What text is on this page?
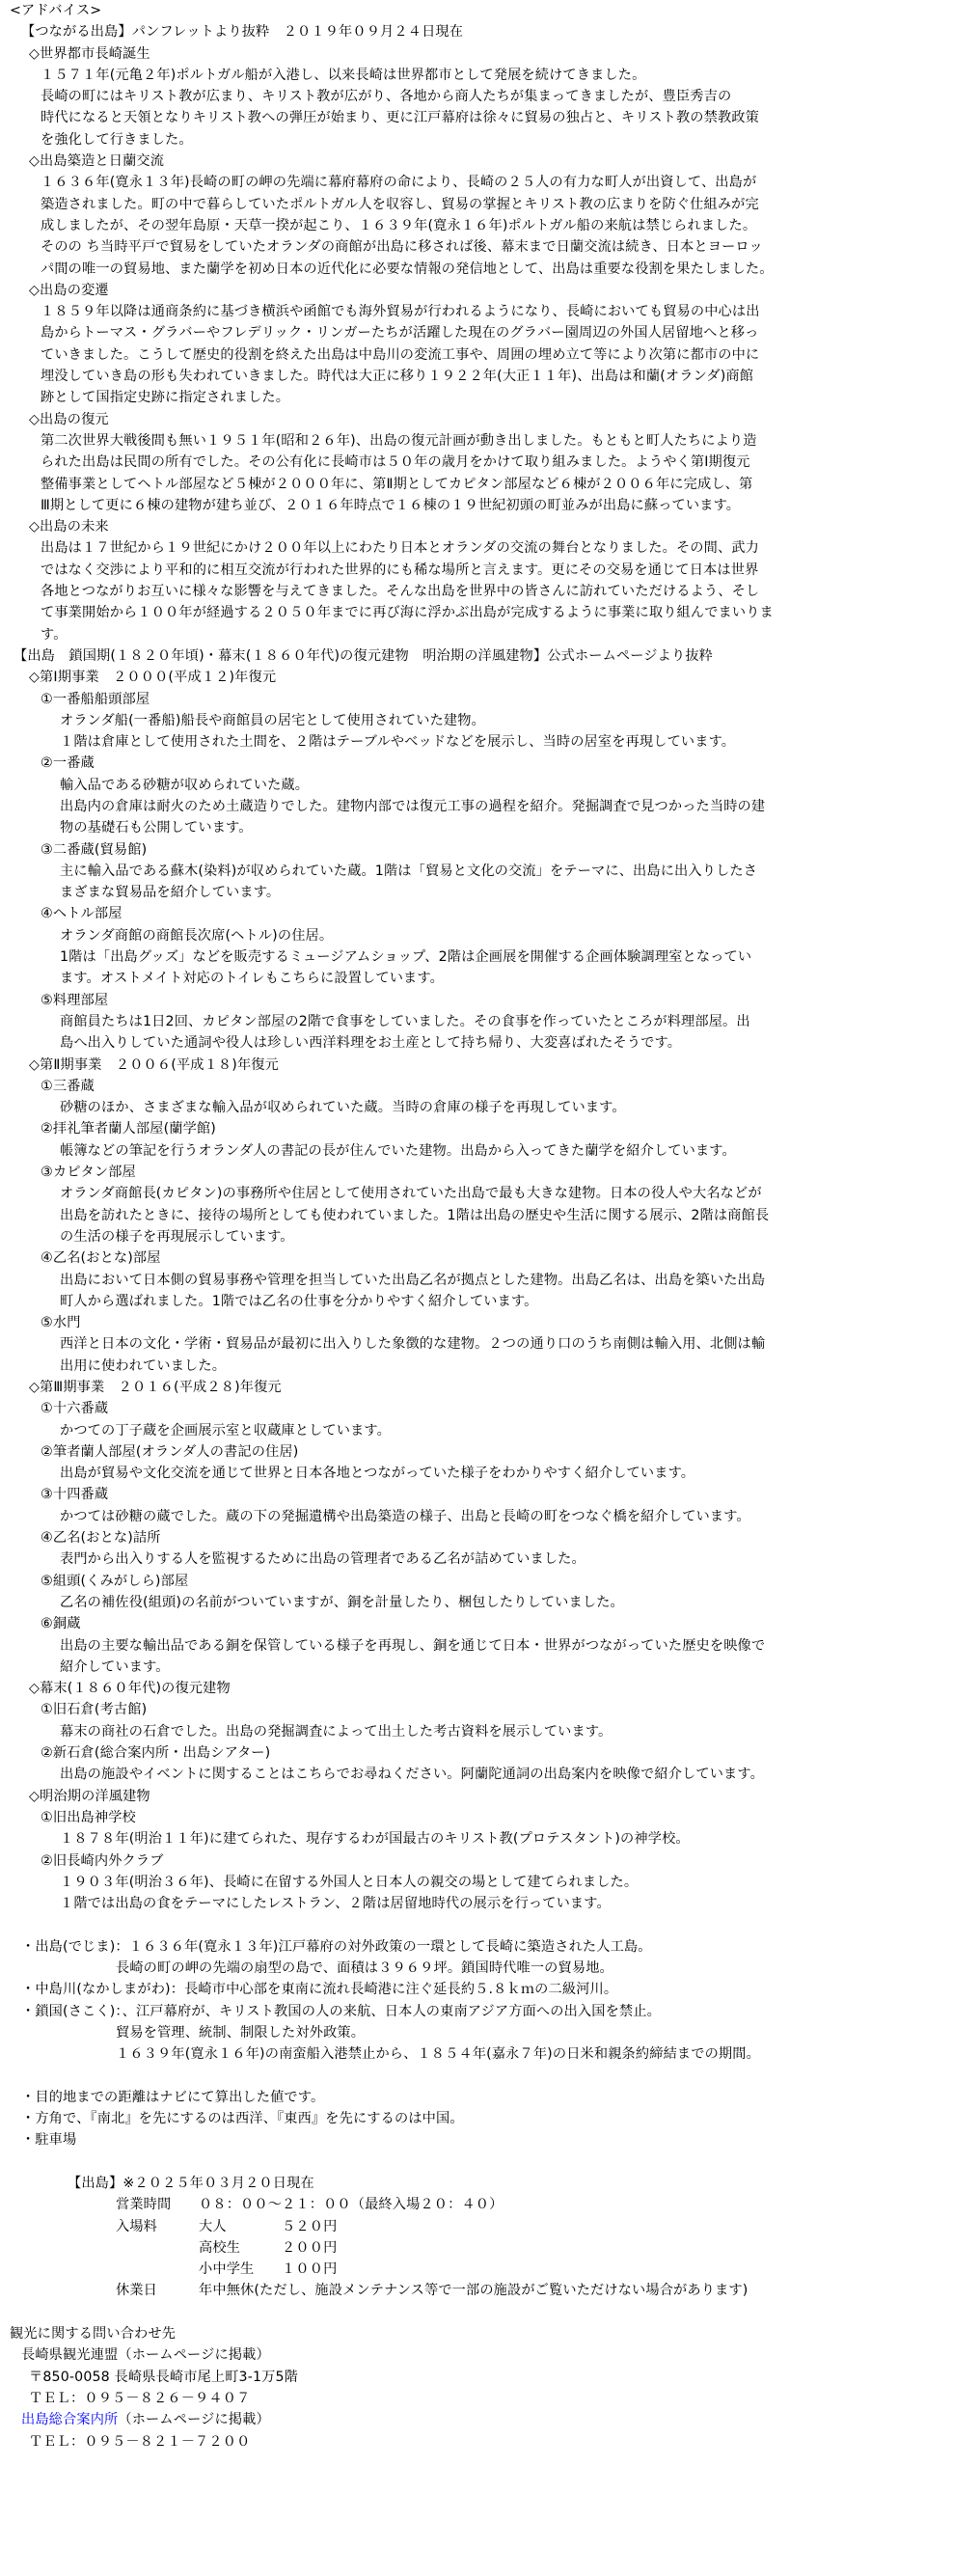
<アドバイス>
【つながる出島】パンフレットより抜粋　２０１９年０９月２４日現在
◇世界都市長崎誕生
１５７１年(元亀２年)ポルトガル船が入港し、以来長崎は世界都市として発展を続けてきました。
長崎の町にはキリスト教が広まり、キリスト教が広がり、各地から商人たちが集まってきましたが、豊臣秀吉の
時代になると天領となりキリスト教への弾圧が始まり、更に江戸幕府は徐々に貿易の独占と、キリスト教の禁教政策
を強化して行きました。
◇出島築造と日蘭交流
１６３６年(寛永１３年)長崎の町の岬の先端に幕府幕府の命により、長崎の２５人の有力な町人が出資して、出島が
築造されました。町の中で暮らしていたポルトガル人を収容し、貿易の掌握とキリスト教の広まりを防ぐ仕組みが完
成しましたが、その翌年島原・天草一揆が起こり、１６３９年(寛永１６年)ポルトガル船の来航は禁じられました。
そのの ち当時平戸で貿易をしていたオランダの商館が出島に移されば後、幕末まで日蘭交流は続き、日本とヨーロッ
パ間の唯一の貿易地、また蘭学を初め日本の近代化に必要な情報の発信地として、出島は重要な役割を果たしました。
◇出島の変遷
１８５９年以降は通商条約に基づき横浜や函館でも海外貿易が行われるようになり、長崎においても貿易の中心は出
島からトーマス・グラバーやフレデリック・リンガーたちが活躍した現在のグラバー園周辺の外国人居留地へと移っ
ていきました。こうして歴史的役割を終えた出島は中島川の変流工事や、周囲の埋め立て等により次第に都市の中に
埋没していき島の形も失われていきました。時代は大正に移り１９２２年(大正１１年)、出島は和蘭(オランダ)商館
跡として国指定史跡に指定されました。
◇出島の復元
第二次世界大戦後間も無い１９５１年(昭和２６年)、出島の復元計画が動き出しました。もともと町人たちにより造
られた出島は民間の所有でした。その公有化に長崎市は５０年の歳月をかけて取り組みました。ようやく第Ⅰ期復元
整備事業としてヘトル部屋など５棟が２０００年に、第Ⅱ期としてカピタン部屋など６棟が２００６年に完成し、第
Ⅲ期として更に６棟の建物が建ち並び、２０１６年時点で１６棟の１９世紀初頭の町並みが出島に蘇っています。
◇出島の未来
出島は１７世紀から１９世紀にかけ２００年以上にわたり日本とオランダの交流の舞台となりました。その間、武力
ではなく交渉により平和的に相互交流が行われた世界的にも稀な場所と言えます。更にその交易を通じて日本は世界
各地とつながりお互いに様々な影響を与えてきました。そんな出島を世界中の皆さんに訪れていただけるよう、そし
て事業開始から１００年が経過する２０５０年までに再び海に浮かぶ出島が完成するように事業に取り組んでまいりま
す。
【出島　鎖国期(１８２０年頃)・幕末(１８６０年代)の復元建物　明治期の洋風建物】公式ホームページより抜粋
◇第Ⅰ期事業　２０００(平成１２)年復元
①一番船船頭部屋
オランダ船(一番船)船長や商館員の居宅として使用されていた建物。
１階は倉庫として使用された土間を、２階はテーブルやベッドなどを展示し、当時の居室を再現しています。
②一番蔵
輸入品である砂糖が収められていた蔵。
出島内の倉庫は耐火のため土蔵造りでした。建物内部では復元工事の過程を紹介。発掘調査で見つかった当時の建
物の基礎石も公開しています。
③二番蔵(貿易館)
主に輸入品である蘇木(染料)が収められていた蔵。1階は「貿易と文化の交流」をテーマに、出島に出入りしたさ
まざまな貿易品を紹介しています。
④ヘトル部屋
オランダ商館の商館長次席(ヘトル)の住居。
1階は「出島グッズ」などを販売するミュージアムショップ、2階は企画展を開催する企画体験調理室となってい
ます。オストメイト対応のトイレもこちらに設置しています。
⑤料理部屋
商館員たちは1日2回、カピタン部屋の2階で食事をしていました。その食事を作っていたところが料理部屋。出
島へ出入りしていた通詞や役人は珍しい西洋料理をお土産として持ち帰り、大変喜ばれたそうです。
◇第Ⅱ期事業　２００６(平成１８)年復元
①三番蔵
砂糖のほか、さまざまな輸入品が収められていた蔵。当時の倉庫の様子を再現しています。
②拝礼筆者蘭人部屋(蘭学館)
帳簿などの筆記を行うオランダ人の書記の長が住んでいた建物。出島から入ってきた蘭学を紹介しています。
③カピタン部屋
オランダ商館長(カピタン)の事務所や住居として使用されていた出島で最も大きな建物。日本の役人や大名などが
出島を訪れたときに、接待の場所としても使われていました。1階は出島の歴史や生活に関する展示、2階は商館長
の生活の様子を再現展示しています。
④乙名(おとな)部屋
出島において日本側の貿易事務や管理を担当していた出島乙名が拠点とした建物。出島乙名は、出島を築いた出島
町人から選ばれました。1階では乙名の仕事を分かりやすく紹介しています。
⑤水門
西洋と日本の文化・学術・貿易品が最初に出入りした象徴的な建物。２つの通り口のうち南側は輸入用、北側は輸
出用に使われていました。
◇第Ⅲ期事業　２０１６(平成２８)年復元
①十六番蔵
かつての丁子蔵を企画展示室と収蔵庫としています。
②筆者蘭人部屋(オランダ人の書記の住居)
出島が貿易や文化交流を通じて世界と日本各地とつながっていた様子をわかりやすく紹介しています。
③十四番蔵
かつては砂糖の蔵でした。蔵の下の発掘遺構や出島築造の様子、出島と長崎の町をつなぐ橋を紹介しています。
④乙名(おとな)詰所
表門から出入りする人を監視するために出島の管理者である乙名が詰めていました。
⑤組頭(くみがしら)部屋
乙名の補佐役(組頭)の名前がついていますが、銅を計量したり、梱包したりしていました。
⑥銅蔵
出島の主要な輸出品である銅を保管している様子を再現し、銅を通じて日本・世界がつながっていた歴史を映像で
紹介しています。
◇幕末(１８６０年代)の復元建物
①旧石倉(考古館)
幕末の商社の石倉でした。出島の発掘調査によって出土した考古資料を展示しています。
②新石倉(総合案内所・出島シアター)
出島の施設やイベントに関することはこちらでお尋ねください。阿蘭陀通詞の出島案内を映像で紹介しています。
◇明治期の洋風建物
①旧出島神学校
１８７８年(明治１１年)に建てられた、現存するわが国最古のキリスト教(プロテスタント)の神学校。
②旧長崎内外クラブ
１９０３年(明治３６年)、長崎に在留する外国人と日本人の親交の場として建てられました。
１階では出島の食をテーマにしたレストラン、２階は居留地時代の展示を行っています。
・出島(でじま)：１６３６年(寛永１３年)江戸幕府の対外政策の一環として長崎に築造された人工島。
長崎の町の岬の先端の扇型の島で、面積は３９６９坪。鎖国時代唯一の貿易地。
・中島川(なかしまがわ)：長崎市中心部を東南に流れ長崎港に注ぐ延長約５.８ｋｍの二級河川。
・鎖国(さこく)：、江戸幕府が、キリスト教国の人の来航、日本人の東南アジア方面への出入国を禁止。
貿易を管理、統制、制限した対外政策。
１６３９年(寛永１６年)の南蛮船入港禁止から、１８５４年(嘉永７年)の日米和親条約締結までの期間。
・目的地までの距離はナビにて算出した値です。
・方角で、『南北』を先にするのは西洋、『東西』を先にするのは中国。
・駐車場
【出島】※２０２５年０３月２０日現在
営業時間　　０８：００～２１：００（最終入場２０：４０）
入場料　　　大人　　　　５２０円
　　　　　　高校生　　　２００円
　　　　　　小中学生　　１００円
休業日　　　年中無休(ただし、施設メンテナンス等で一部の施設がご覧いただけない場合があります)
観光に関する問い合わせ先
長崎県観光連盟（ホームページに掲載）
〒850-0058 長崎県長崎市尾上町3-1万5階
ＴＥＬ：０９５－８２６－９４０７
出島総合案内所（ホームページに掲載）
ＴＥＬ：０９５－８２１－７２００
